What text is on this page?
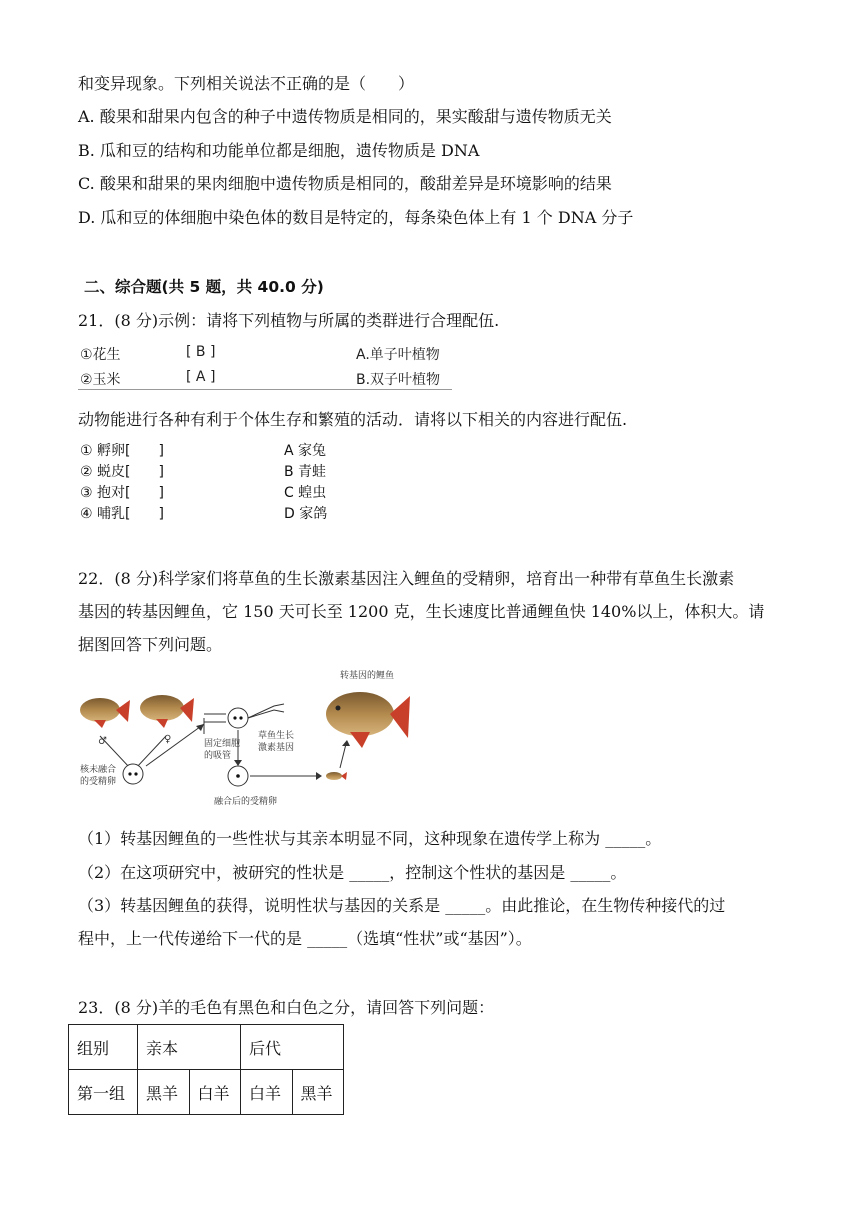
和变异现象。下列相关说法不正确的是（　　）
A. 酸果和甜果内包含的种子中遗传物质是相同的，果实酸甜与遗传物质无关
B. 瓜和豆的结构和功能单位都是细胞，遗传物质是 DNA
C. 酸果和甜果的果肉细胞中遗传物质是相同的，酸甜差异是环境影响的结果
D. 瓜和豆的体细胞中染色体的数目是特定的，每条染色体上有 1 个 DNA 分子
二、综合题(共 5 题，共 40.0 分)
21．(8 分)示例：请将下列植物与所属的类群进行合理配伍.
①花生	[ B ]	A.单子叶植物
②玉米	[ A ]	B.双子叶植物
动物能进行各种有利于个体生存和繁殖的活动．请将以下相关的内容进行配伍.
① 孵卵[　　]	A 家兔
② 蜕皮[　　]	B 青蛙
③ 抱对[　　]	C 蝗虫
④ 哺乳[　　]	D 家鸽
22．(8 分)科学家们将草鱼的生长激素基因注入鲤鱼的受精卵，培育出一种带有草鱼生长激素
基因的转基因鲤鱼，它 150 天可长至 1200 克，生长速度比普通鲤鱼快 140%以上，体积大。请
据图回答下列问题。
♂	♀
核未融合
的受精卵
固定细胞
的吸管
草鱼生长
激素基因
融合后的受精卵
转基因的鲤鱼
（1）转基因鲤鱼的一些性状与其亲本明显不同，这种现象在遗传学上称为 _____。
（2）在这项研究中，被研究的性状是 _____，控制这个性状的基因是 _____。
（3）转基因鲤鱼的获得，说明性状与基因的关系是 _____。由此推论，在生物传种接代的过
程中，上一代传递给下一代的是 _____（选填“性状”或“基因”）。
23．(8 分)羊的毛色有黑色和白色之分，请回答下列问题：
组别	亲本		后代	
第一组	黑羊	白羊	白羊	黑羊
